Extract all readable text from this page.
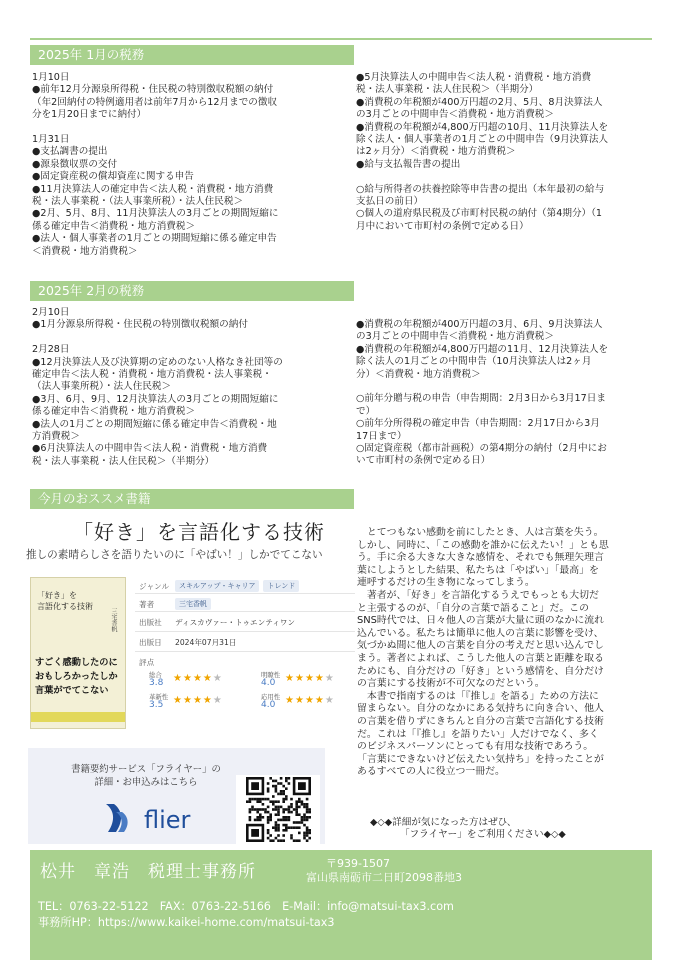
2025年 1月の税務
1月10日
●前年12月分源泉所得税・住民税の特別徴収税額の納付
（年2回納付の特例適用者は前年7月から12月までの徴収
分を1月20日までに納付）

1月31日
●支払調書の提出
●源泉徴収票の交付
●固定資産税の償却資産に関する申告
●11月決算法人の確定申告＜法人税・消費税・地方消費
税・法人事業税・（法人事業所税）・法人住民税＞
●2月、5月、8月、11月決算法人の3月ごとの期間短縮に
係る確定申告＜消費税・地方消費税＞
●法人・個人事業者の1月ごとの期間短縮に係る確定申告
＜消費税・地方消費税＞
●5月決算法人の中間申告＜法人税・消費税・地方消費
税・法人事業税・法人住民税＞（半期分）
●消費税の年税額が400万円超の2月、5月、8月決算法人
の3月ごとの中間申告＜消費税・地方消費税＞
●消費税の年税額が4,800万円超の10月、11月決算法人を
除く法人・個人事業者の1月ごとの中間申告（9月決算法人
は2ヶ月分）＜消費税・地方消費税＞
●給与支払報告書の提出

○給与所得者の扶養控除等申告書の提出（本年最初の給与
支払日の前日）
○個人の道府県民税及び市町村民税の納付（第4期分）（1
月中において市町村の条例で定める日）
2025年 2月の税務
2月10日
●1月分源泉所得税・住民税の特別徴収税額の納付

2月28日
●12月決算法人及び決算期の定めのない人格なき社団等の
確定申告＜法人税・消費税・地方消費税・法人事業税・
（法人事業所税）・法人住民税＞
●3月、6月、9月、12月決算法人の3月ごとの期間短縮に
係る確定申告＜消費税・地方消費税＞
●法人の1月ごとの期間短縮に係る確定申告＜消費税・地
方消費税＞
●6月決算法人の中間申告＜法人税・消費税・地方消費
税・法人事業税・法人住民税＞（半期分）
●消費税の年税額が400万円超の3月、6月、9月決算法人
の3月ごとの中間申告＜消費税・地方消費税＞
●消費税の年税額が4,800万円超の11月、12月決算法人を
除く法人の1月ごとの中間申告（10月決算法人は2ヶ月
分）＜消費税・地方消費税＞

○前年分贈与税の申告（申告期間：2月3日から3月17日ま
で）
○前年分所得税の確定申告（申告期間：2月17日から3月
17日まで）
○固定資産税（都市計画税）の第4期分の納付（2月中にお
いて市町村の条例で定める日）
今月のおススメ書籍
「好き」を言語化する技術
推しの素晴らしさを語りたいのに「やばい！」しかでてこない
「好き」を
言語化する技術
三宅香帆
すごく感動したのに
おもしろかったしか
言葉がでてこない
ジャンル	スキルアップ・キャリア トレンド
著者	三宅香帆
出版社 ディスカヴァー・トゥエンティワン
出版日 2024年07月31日
評点
総合
3.8 ★★★★★	明瞭性
4.0 ★★★★★
革新性
3.5 ★★★★★	応用性
4.0 ★★★★★
　とてつもない感動を前にしたとき、人は言葉を失う。
しかし、同時に、「この感動を誰かに伝えたい！」とも思
う。手に余る大きな大きな感情を、それでも無理矢理言
葉にしようとした結果、私たちは「やばい」「最高」を
連呼するだけの生き物になってしまう。
　著者が、「好き」を言語化するうえでもっとも大切だ
と主張するのが、「自分の言葉で語ること」だ。この
SNS時代では、日々他人の言葉が大量に頭のなかに流れ
込んでいる。私たちは簡単に他人の言葉に影響を受け、
気づかぬ間に他人の言葉を自分の考えだと思い込んでし
まう。著者によれば、こうした他人の言葉と距離を取る
ためにも、自分だけの「好き」という感情を、自分だけ
の言葉にする技術が不可欠なのだという。
　本書で指南するのは「『推し』を語る」ための方法に
留まらない。自分のなかにある気持ちに向き合い、他人
の言葉を借りずにきちんと自分の言葉で言語化する技術
だ。これは「『推し』を語りたい」人だけでなく、多く
のビジネスパーソンにとっても有用な技術であろう。
「言葉にできないけど伝えたい気持ち」を持ったことが
あるすべての人に役立つ一冊だ。
書籍要約サービス「フライヤー」の
詳細・お申込みはこちら
flier	◆◇◆詳細が気になった方はぜひ、
「フライヤー」をご利用ください◆◇◆
松井　章浩　税理士事務所	〒939-1507
富山県南砺市二日町2098番地3
TEL：0763-22-5122　FAX：0763-22-5166　E-Mail：info@matsui-tax3.com
事務所HP：https://www.kaikei-home.com/matsui-tax3
